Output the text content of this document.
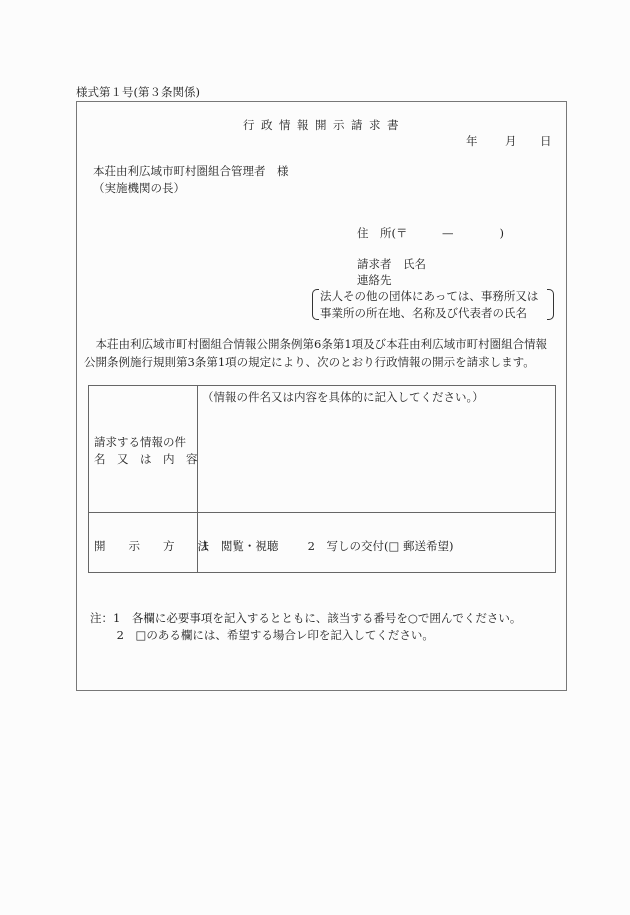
様式第１号(第３条関係)
行政情報開示請求書
年 月 日
本荘由利広域市町村圏組合管理者　様
（実施機関の長）
住　所(〒　　　—　　　　)
請求者　氏名
連絡先
法人その他の団体にあっては、事務所又は
事業所の所在地、名称及び代表者の氏名
　本荘由利広域市町村圏組合情報公開条例第6条第1項及び本荘由利広域市町村圏組合情報
公開条例施行規則第3条第1項の規定により、次のとおり行政情報の開示を請求します。
請求する情報の件
名　又　は　内　容
（情報の件名又は内容を具体的に記入してください。）
開　　示　　方　　法
1　閲覧・視聴	2　写しの交付(□ 郵送希望)
注：1　各欄に必要事項を記入するとともに、該当する番号を○で囲んでください。
　　 2　□のある欄には、希望する場合レ印を記入してください。
